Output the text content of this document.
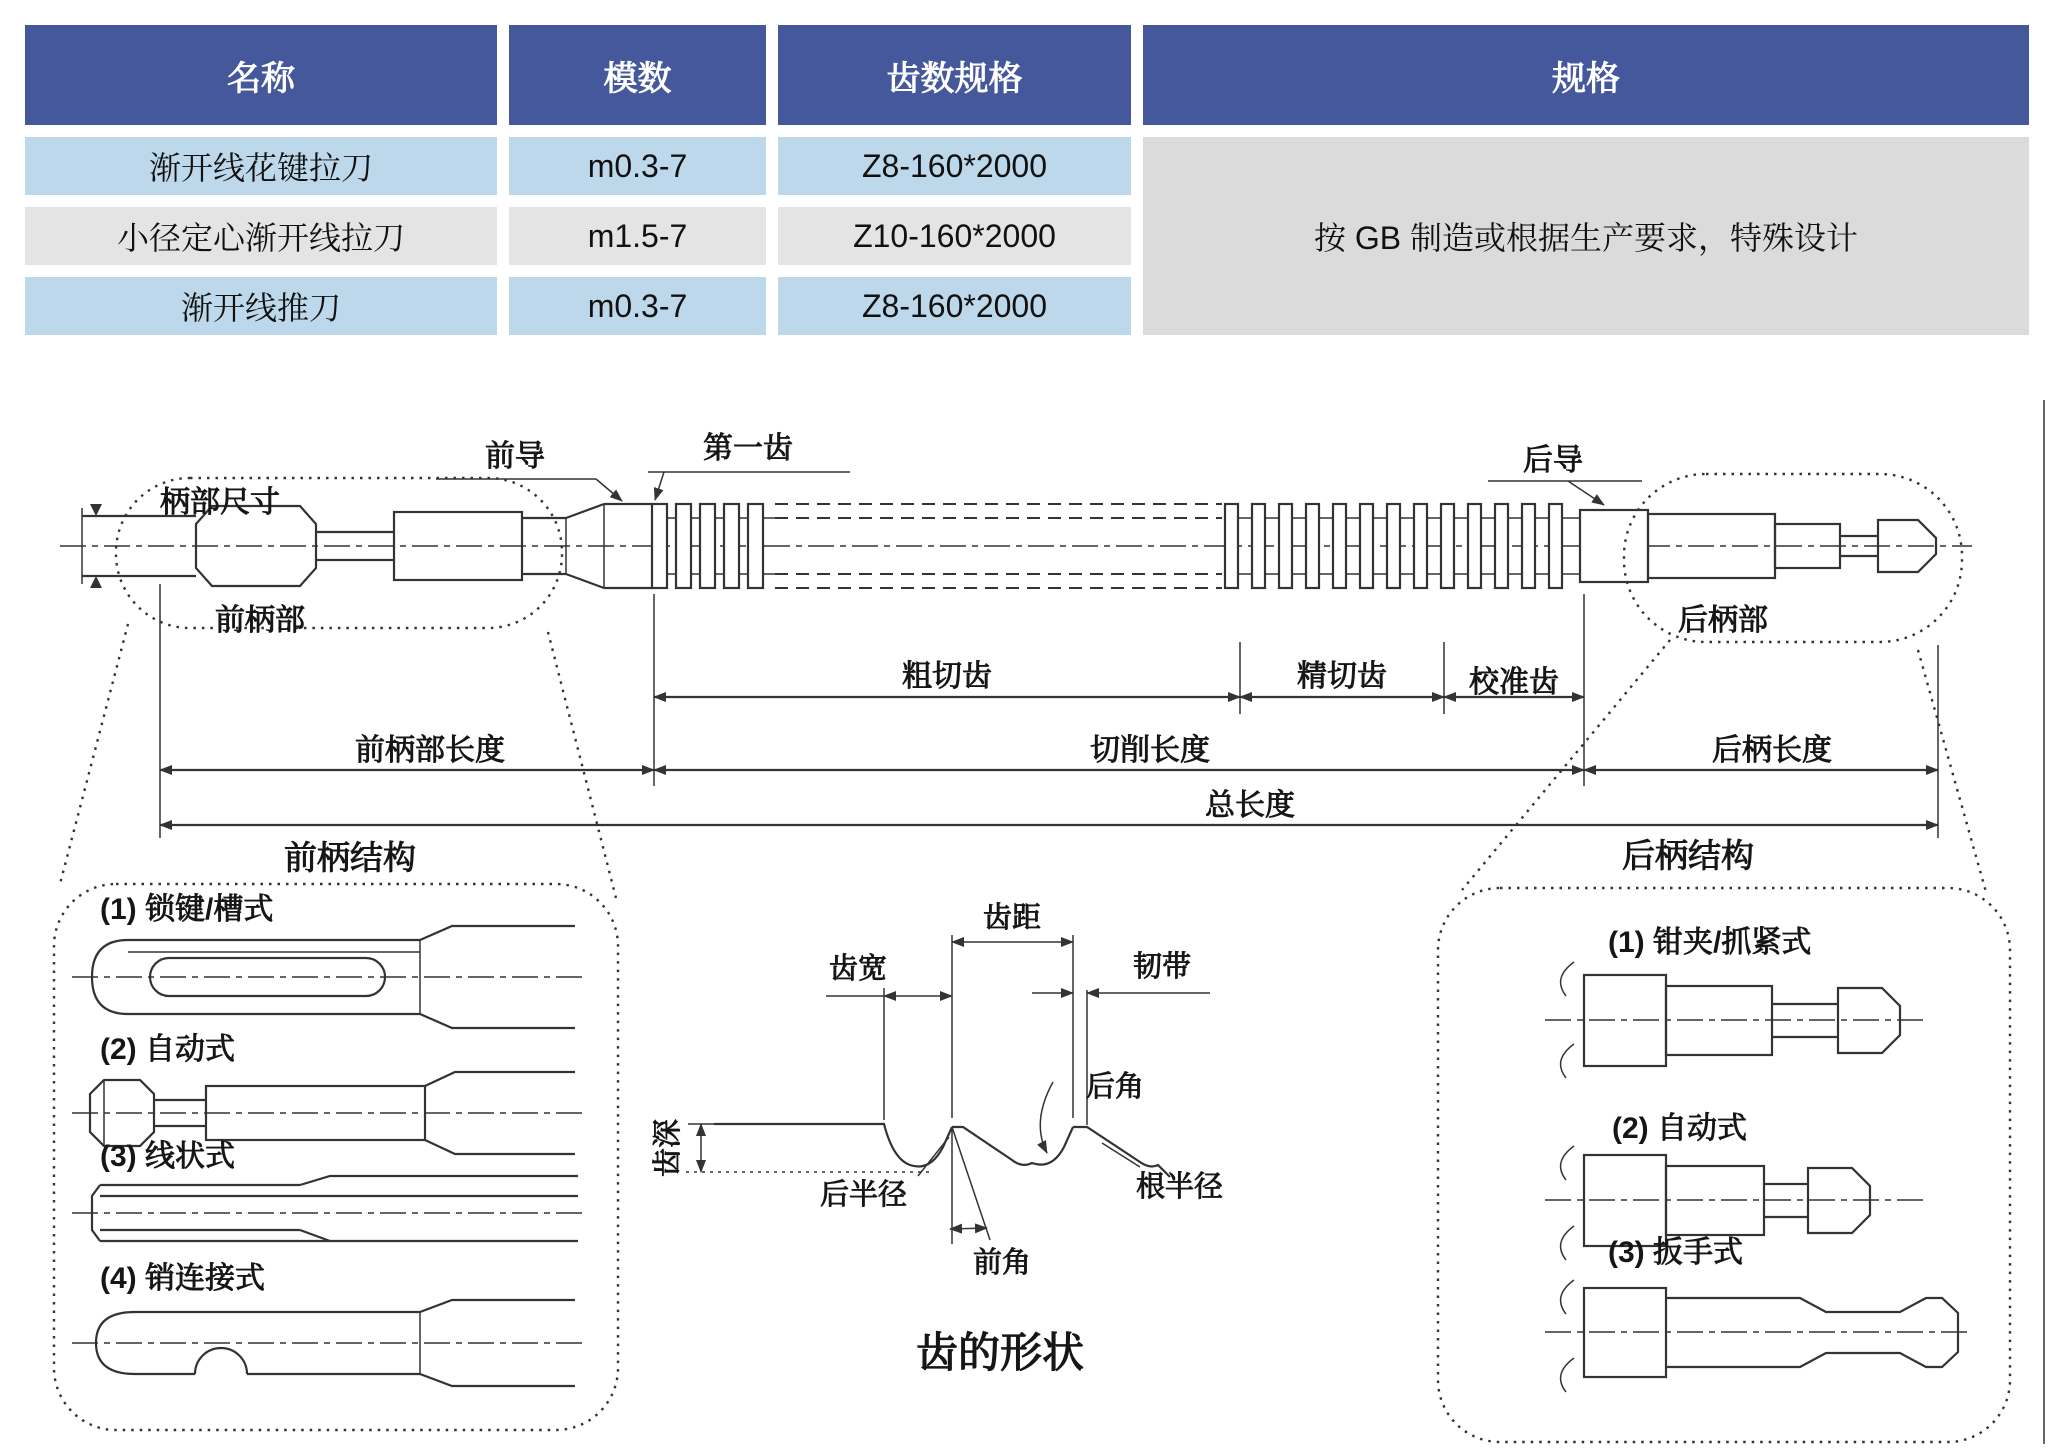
名称	模数	齿数规格	规格
渐开线花键拉刀	m0.3-7	Z8-160*2000	按 GB 制造或根据生产要求，特殊设计
小径定心渐开线拉刀	m1.5-7	Z10-160*2000	
渐开线推刀	m0.3-7	Z8-160*2000	
柄部尺寸
前导	第一齿	后导
前柄部	后柄部
粗切齿	精切齿	校准齿
前柄部长度	切削长度	后柄长度
总长度
前柄结构
(1) 锁键/槽式
(2) 自动式
(3) 线状式
(4) 销连接式
齿距
齿宽	韧带
后角
齿深
后半径	根半径
前角
齿的形状
后柄结构
(1) 钳夹/抓紧式
(2) 自动式
(3) 扳手式
